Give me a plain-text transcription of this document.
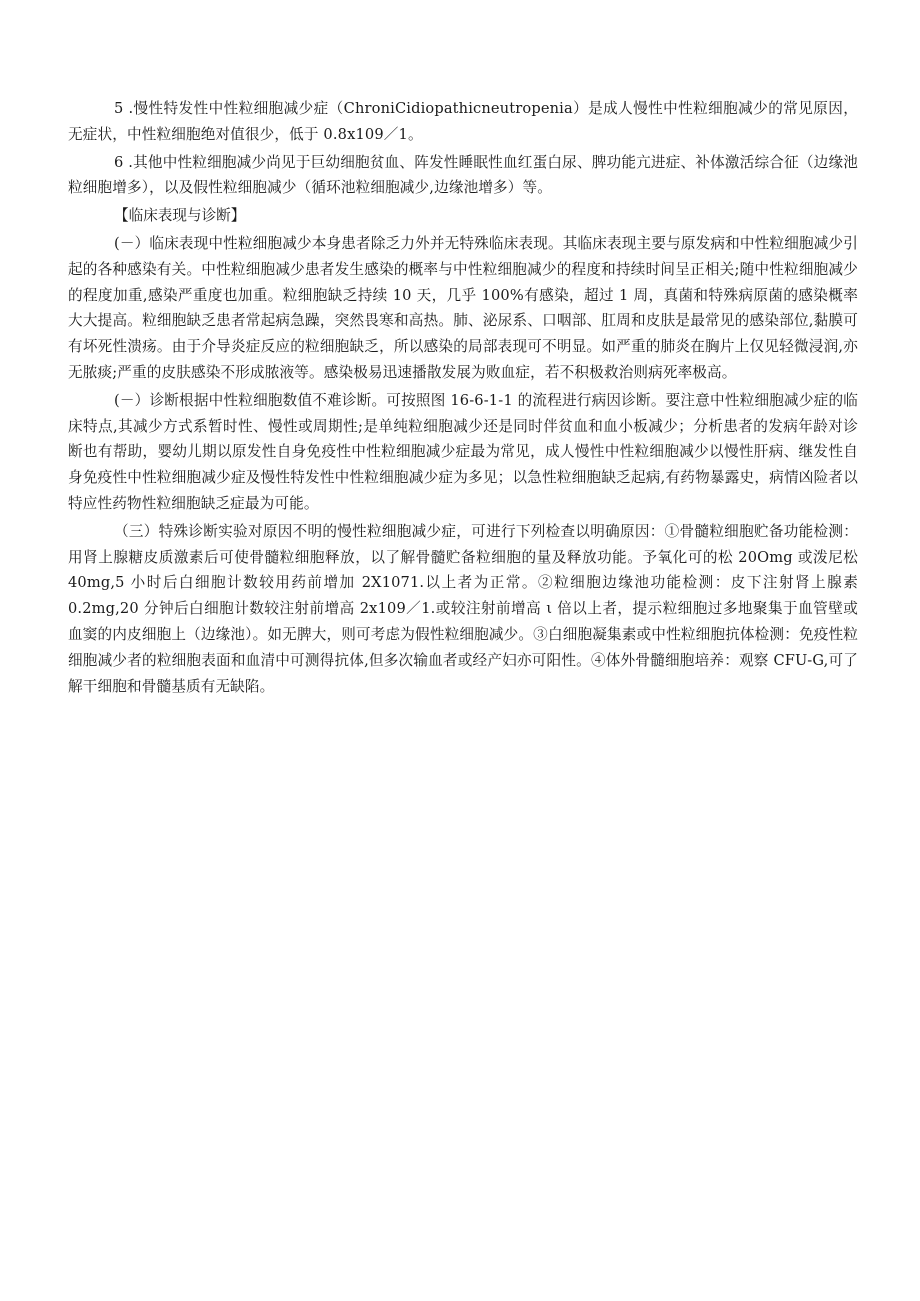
5 .慢性特发性中性粒细胞减少症（ChroniCidiopathicneutropenia）是成人慢性中性粒细胞减少的常见原因，无症状，中性粒细胞绝对值很少，低于 0.8x109／1。

6 .其他中性粒细胞减少尚见于巨幼细胞贫血、阵发性睡眠性血红蛋白尿、脾功能亢进症、补体激活综合征（边缘池粒细胞增多），以及假性粒细胞减少（循环池粒细胞减少,边缘池增多）等。

【临床表现与诊断】

(－）临床表现中性粒细胞减少本身患者除乏力外并无特殊临床表现。其临床表现主要与原发病和中性粒细胞减少引起的各种感染有关。中性粒细胞减少患者发生感染的概率与中性粒细胞减少的程度和持续时间呈正相关;随中性粒细胞减少的程度加重,感染严重度也加重。粒细胞缺乏持续 10 天，几乎 100%有感染，超过 1 周，真菌和特殊病原菌的感染概率大大提高。粒细胞缺乏患者常起病急躁，突然畏寒和高热。肺、泌尿系、口咽部、肛周和皮肤是最常见的感染部位,黏膜可有坏死性溃疡。由于介导炎症反应的粒细胞缺乏，所以感染的局部表现可不明显。如严重的肺炎在胸片上仅见轻微浸润,亦无脓痰;严重的皮肤感染不形成脓液等。感染极易迅速播散发展为败血症，若不积极救治则病死率极高。

(－）诊断根据中性粒细胞数值不难诊断。可按照图 16-6-1-1 的流程进行病因诊断。要注意中性粒细胞减少症的临床特点,其减少方式系暂时性、慢性或周期性;是单纯粒细胞减少还是同时伴贫血和血小板减少；分析患者的发病年龄对诊断也有帮助，婴幼儿期以原发性自身免疫性中性粒细胞减少症最为常见，成人慢性中性粒细胞减少以慢性肝病、继发性自身免疫性中性粒细胞减少症及慢性特发性中性粒细胞减少症为多见；以急性粒细胞缺乏起病,有药物暴露史，病情凶险者以特应性药物性粒细胞缺乏症最为可能。

（三）特殊诊断实验对原因不明的慢性粒细胞减少症，可进行下列检查以明确原因：①骨髓粒细胞贮备功能检测：用肾上腺糖皮质激素后可使骨髓粒细胞释放，以了解骨髓贮备粒细胞的量及释放功能。予氧化可的松 20Omg 或泼尼松 40mg,5 小时后白细胞计数较用药前增加 2X1071.以上者为正常。②粒细胞边缘池功能检测：皮下注射肾上腺素 0.2mg,20 分钟后白细胞计数较注射前增高 2x109／1.或较注射前增高 ι 倍以上者，提示粒细胞过多地聚集于血管壁或血窦的内皮细胞上（边缘池）。如无脾大，则可考虑为假性粒细胞减少。③白细胞凝集素或中性粒细胞抗体检测：免疫性粒细胞减少者的粒细胞表面和血清中可测得抗体,但多次输血者或经产妇亦可阳性。④体外骨髓细胞培养：观察 CFU-G,可了解干细胞和骨髓基质有无缺陷。
